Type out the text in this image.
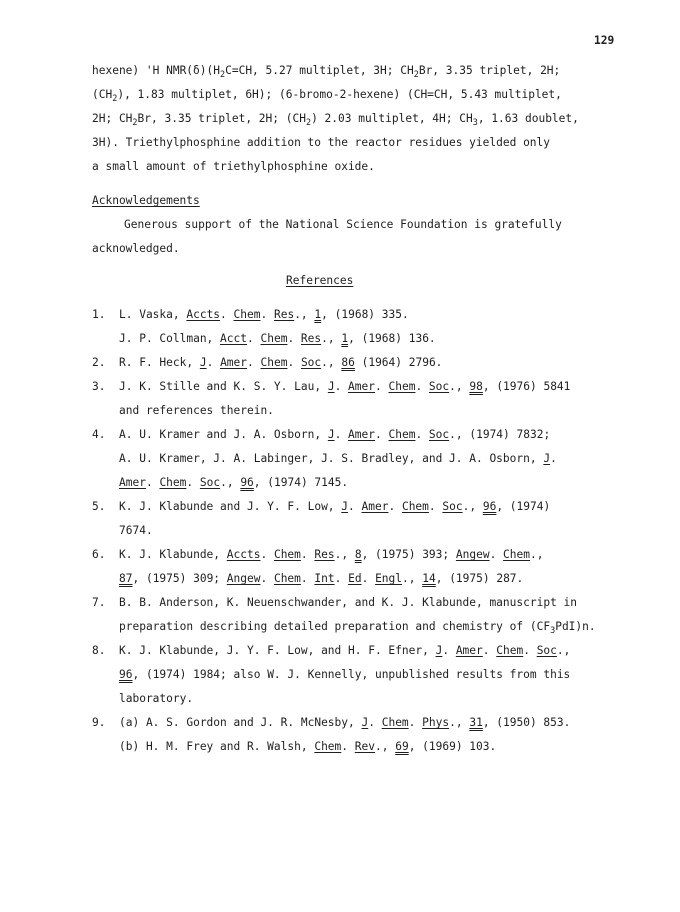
129
hexene) 'H $NMR(\delta)(H_2C=CH$, 5.27 multiplet, 3H; $CH_2Br$, 3.35 triplet, 2H;
$(CH_2)$, 1.83 multiplet, 6H); (6-bromo-2-hexene) (CH=CH, 5.43 multiplet,
2H; $CH_2Br$, 3.35 triplet, 2H; $(CH_2)$ 2.03 multiplet, 4H; $CH_3$, 1.63 doublet,
3H). Triethylphosphine addition to the reactor residues yielded only
a small amount of triethylphosphine oxide.
Acknowledgements
Generous support of the National Science Foundation is gratefully
acknowledged.
References
1. L. Vaska, Accts. Chem. Res., 1, (1968) 335.
J. P. Collman, Acct. Chem. Res., 1, (1968) 136.
2. R. F. Heck, J. Amer. Chem. Soc., 86 (1964) 2796.
3. J. K. Stille and K. S. Y. Lau, J. Amer. Chem. Soc., 98, (1976) 5841
and references therein.
4. A. U. Kramer and J. A. Osborn, J. Amer. Chem. Soc., (1974) 7832;
A. U. Kramer, J. A. Labinger, J. S. Bradley, and J. A. Osborn, J.
Amer. Chem. Soc., 96, (1974) 7145.
5. K. J. Klabunde and J. Y. F. Low, J. Amer. Chem. Soc., 96, (1974)
7674.
6. K. J. Klabunde, Accts. Chem. Res., 8, (1975) 393; Angew. Chem.,
87, (1975) 309; Angew. Chem. Int. Ed. Engl., 14, (1975) 287.
7. B. B. Anderson, K. Neuenschwander, and K. J. Klabunde, manuscript in
preparation describing detailed preparation and chemistry of $(CF_3PdI)n$.
8. K. J. Klabunde, J. Y. F. Low, and H. F. Efner, J. Amer. Chem. Soc.,
96, (1974) 1984; also W. J. Kennelly, unpublished results from this
laboratory.
9. (a) A. S. Gordon and J. R. McNesby, J. Chem. Phys., 31, (1950) 853.
(b) H. M. Frey and R. Walsh, Chem. Rev., 69, (1969) 103.
